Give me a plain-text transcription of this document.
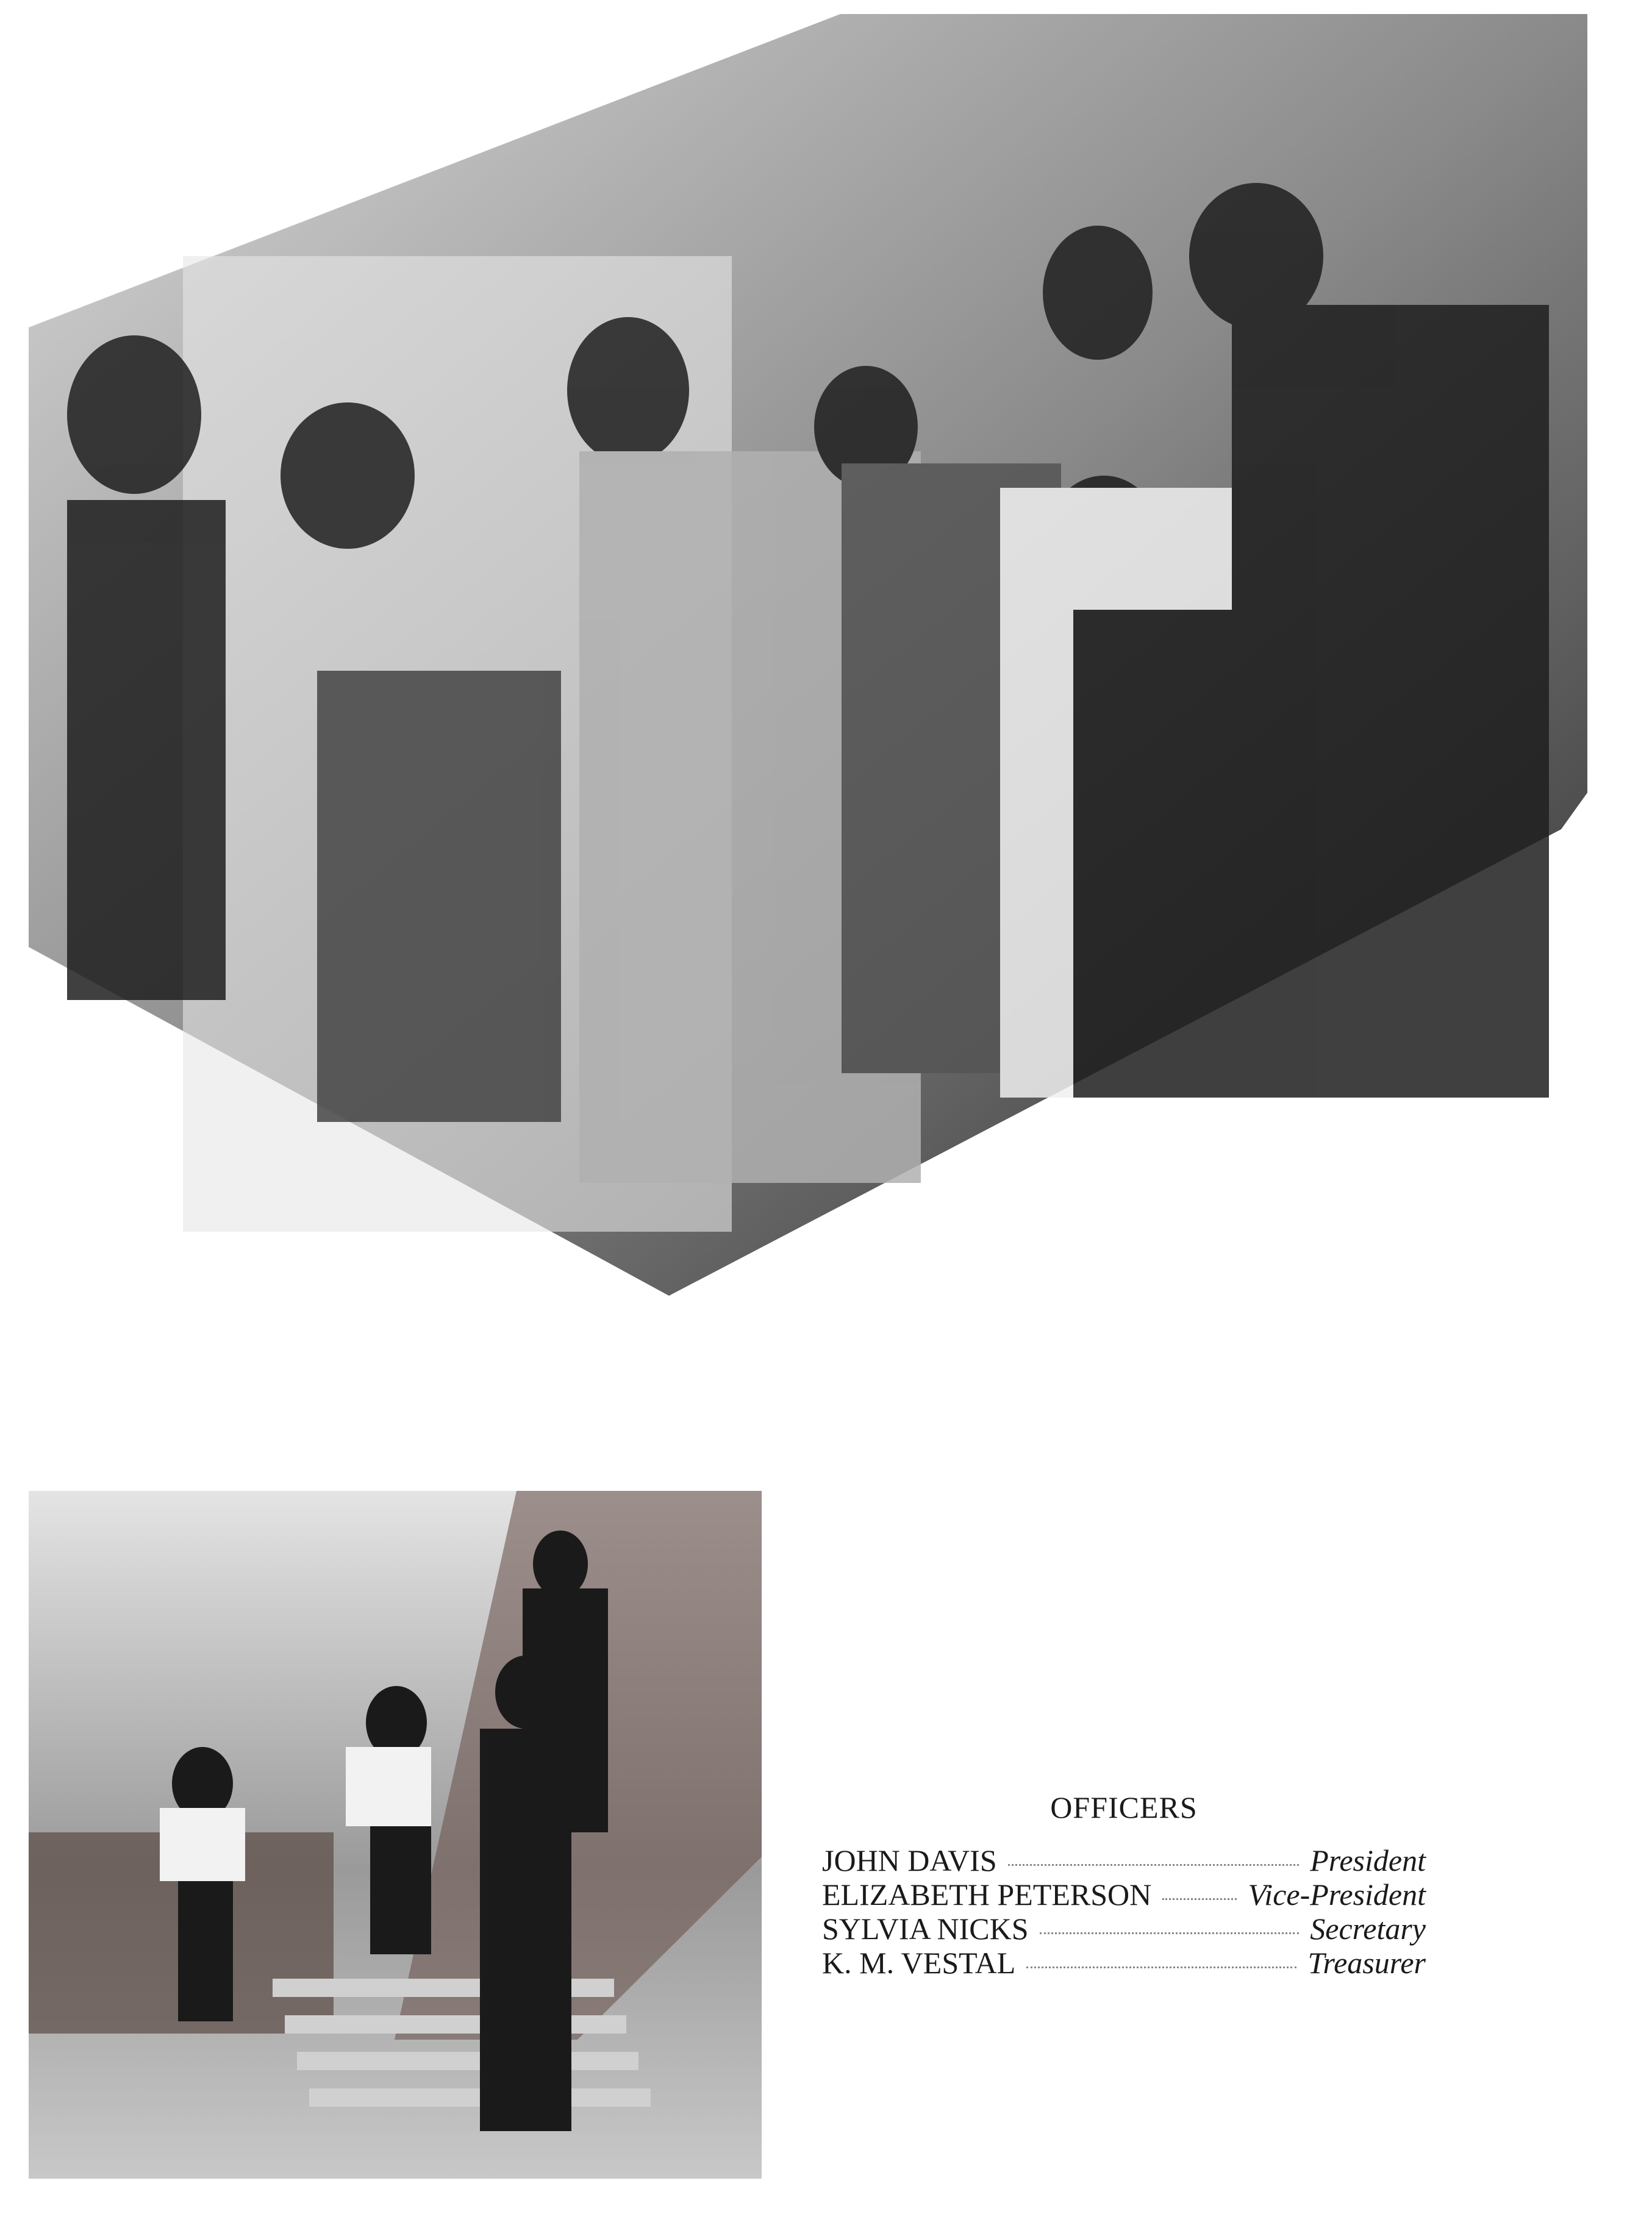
OFFICERS
JOHN DAVIS	President
ELIZABETH PETERSON	Vice-President
SYLVIA NICKS	Secretary
K. M. VESTAL	Treasurer
